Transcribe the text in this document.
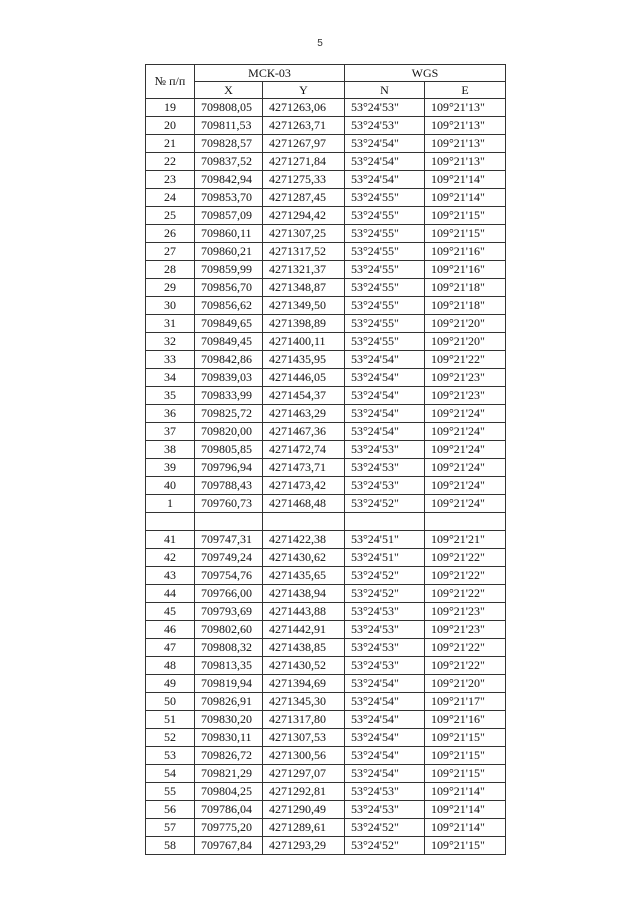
5
№ п/п	МСК-03		WGS	
	X	Y	N	E
19	709808,05	4271263,06	53°24'53"	109°21'13"
20	709811,53	4271263,71	53°24'53"	109°21'13"
21	709828,57	4271267,97	53°24'54"	109°21'13"
22	709837,52	4271271,84	53°24'54"	109°21'13"
23	709842,94	4271275,33	53°24'54"	109°21'14"
24	709853,70	4271287,45	53°24'55"	109°21'14"
25	709857,09	4271294,42	53°24'55"	109°21'15"
26	709860,11	4271307,25	53°24'55"	109°21'15"
27	709860,21	4271317,52	53°24'55"	109°21'16"
28	709859,99	4271321,37	53°24'55"	109°21'16"
29	709856,70	4271348,87	53°24'55"	109°21'18"
30	709856,62	4271349,50	53°24'55"	109°21'18"
31	709849,65	4271398,89	53°24'55"	109°21'20"
32	709849,45	4271400,11	53°24'55"	109°21'20"
33	709842,86	4271435,95	53°24'54"	109°21'22"
34	709839,03	4271446,05	53°24'54"	109°21'23"
35	709833,99	4271454,37	53°24'54"	109°21'23"
36	709825,72	4271463,29	53°24'54"	109°21'24"
37	709820,00	4271467,36	53°24'54"	109°21'24"
38	709805,85	4271472,74	53°24'53"	109°21'24"
39	709796,94	4271473,71	53°24'53"	109°21'24"
40	709788,43	4271473,42	53°24'53"	109°21'24"
1	709760,73	4271468,48	53°24'52"	109°21'24"

41	709747,31	4271422,38	53°24'51"	109°21'21"
42	709749,24	4271430,62	53°24'51"	109°21'22"
43	709754,76	4271435,65	53°24'52"	109°21'22"
44	709766,00	4271438,94	53°24'52"	109°21'22"
45	709793,69	4271443,88	53°24'53"	109°21'23"
46	709802,60	4271442,91	53°24'53"	109°21'23"
47	709808,32	4271438,85	53°24'53"	109°21'22"
48	709813,35	4271430,52	53°24'53"	109°21'22"
49	709819,94	4271394,69	53°24'54"	109°21'20"
50	709826,91	4271345,30	53°24'54"	109°21'17"
51	709830,20	4271317,80	53°24'54"	109°21'16"
52	709830,11	4271307,53	53°24'54"	109°21'15"
53	709826,72	4271300,56	53°24'54"	109°21'15"
54	709821,29	4271297,07	53°24'54"	109°21'15"
55	709804,25	4271292,81	53°24'53"	109°21'14"
56	709786,04	4271290,49	53°24'53"	109°21'14"
57	709775,20	4271289,61	53°24'52"	109°21'14"
58	709767,84	4271293,29	53°24'52"	109°21'15"
